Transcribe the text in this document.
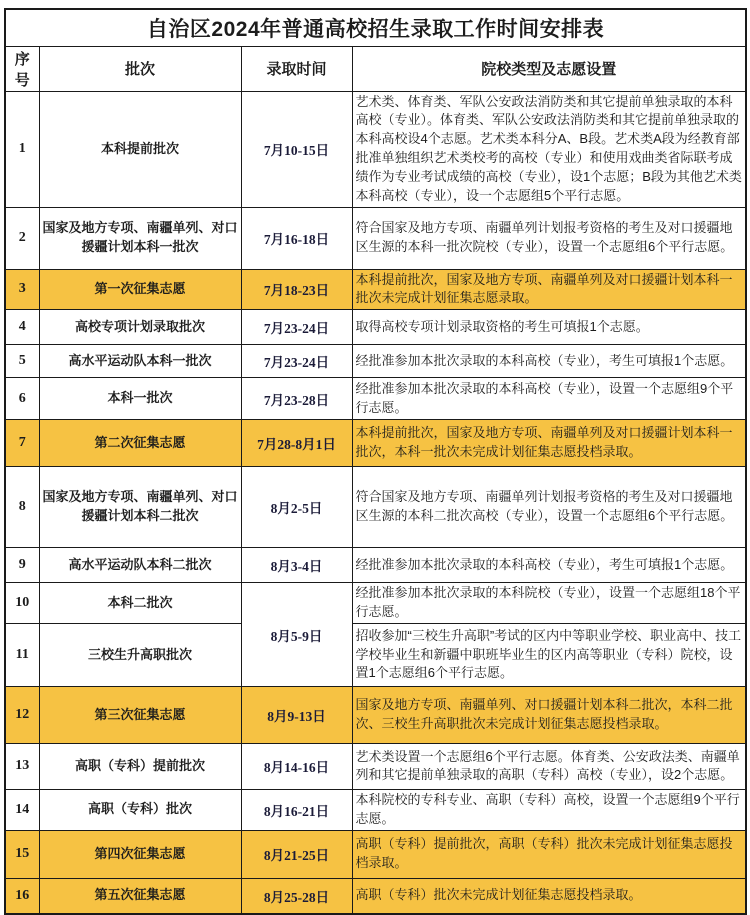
自治区2024年普通高校招生录取工作时间安排表			
序号	批次	录取时间	院校类型及志愿设置
1	本科提前批次	7月10-15日	艺术类、体育类、军队公安政法消防类和其它提前单独录取的本科高校（专业）。体育类、军队公安政法消防类和其它提前单独录取的本科高校设4个志愿。艺术类本科分A、B段。艺术类A段为经教育部批准单独组织艺术类校考的高校（专业）和使用戏曲类省际联考成绩作为专业考试成绩的高校（专业），设1个志愿；B段为其他艺术类本科高校（专业），设一个志愿组5个平行志愿。
2	国家及地方专项、南疆单列、对口援疆计划本科一批次	7月16-18日	符合国家及地方专项、南疆单列计划报考资格的考生及对口援疆地区生源的本科一批次院校（专业），设置一个志愿组6个平行志愿。
3	第一次征集志愿	7月18-23日	本科提前批次，国家及地方专项、南疆单列及对口援疆计划本科一批次未完成计划征集志愿录取。
4	高校专项计划录取批次	7月23-24日	取得高校专项计划录取资格的考生可填报1个志愿。
5	高水平运动队本科一批次	7月23-24日	经批准参加本批次录取的本科高校（专业），考生可填报1个志愿。
6	本科一批次	7月23-28日	经批准参加本批次录取的本科高校（专业），设置一个志愿组9个平行志愿。
7	第二次征集志愿	7月28-8月1日	本科提前批次，国家及地方专项、南疆单列及对口援疆计划本科一批次，本科一批次未完成计划征集志愿投档录取。
8	国家及地方专项、南疆单列、对口援疆计划本科二批次	8月2-5日	符合国家及地方专项、南疆单列计划报考资格的考生及对口援疆地区生源的本科二批次高校（专业），设置一个志愿组6个平行志愿。
9	高水平运动队本科二批次	8月3-4日	经批准参加本批次录取的本科高校（专业），考生可填报1个志愿。
10	本科二批次	8月5-9日	经批准参加本批次录取的本科院校（专业），设置一个志愿组18个平行志愿。
11	三校生升高职批次		招收参加“三校生升高职”考试的区内中等职业学校、职业高中、技工学校毕业生和新疆中职班毕业生的区内高等职业（专科）院校，设置1个志愿组6个平行志愿。
12	第三次征集志愿	8月9-13日	国家及地方专项、南疆单列、对口援疆计划本科二批次，本科二批次、三校生升高职批次未完成计划征集志愿投档录取。
13	高职（专科）提前批次	8月14-16日	艺术类设置一个志愿组6个平行志愿。体育类、公安政法类、南疆单列和其它提前单独录取的高职（专科）高校（专业），设2个志愿。
14	高职（专科）批次	8月16-21日	本科院校的专科专业、高职（专科）高校，设置一个志愿组9个平行志愿。
15	第四次征集志愿	8月21-25日	高职（专科）提前批次，高职（专科）批次未完成计划征集志愿投档录取。
16	第五次征集志愿	8月25-28日	高职（专科）批次未完成计划征集志愿投档录取。
